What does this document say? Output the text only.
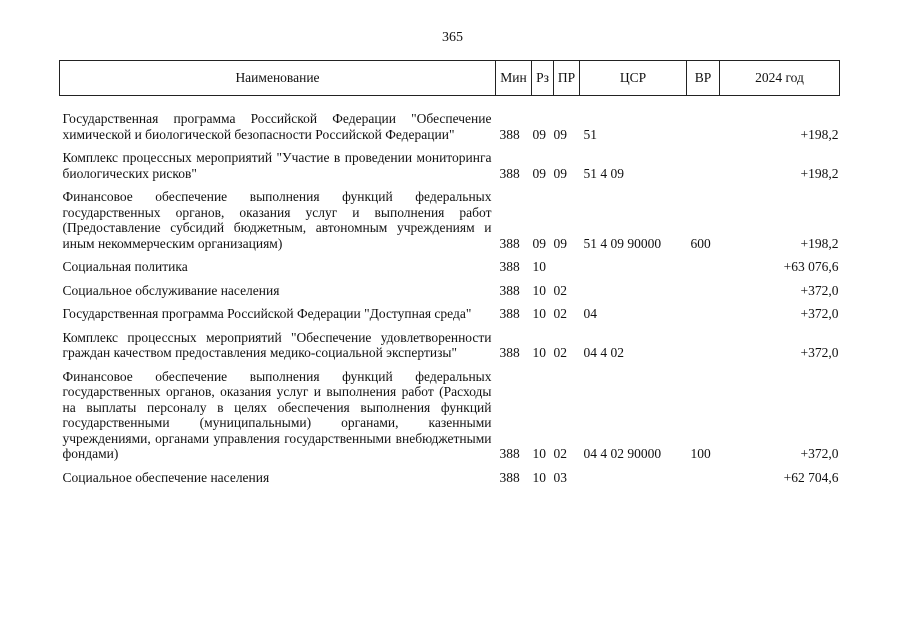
365
Наименование	Мин	Рз	ПР	ЦСР	ВР	2024 год

Государственная программа Российской Федерации "Обеспечение химической и биологической безопасности Российской Федерации"	388	09	09	51		+198,2
Комплекс процессных мероприятий "Участие в проведении мониторинга биологических рисков"	388	09	09	51 4 09		+198,2
Финансовое обеспечение выполнения функций федеральных государственных органов, оказания услуг и выполнения работ (Предоставление субсидий бюджетным, автономным учреждениям и иным некоммерческим организациям)	388	09	09	51 4 09 90000	600	+198,2
Социальная политика	388	10				+63 076,6
Социальное обслуживание населения	388	10	02			+372,0
Государственная программа Российской Федерации "Доступная среда"	388	10	02	04		+372,0
Комплекс процессных мероприятий "Обеспечение удовлетворенности граждан качеством предоставления медико-социальной экспертизы"	388	10	02	04 4 02		+372,0
Финансовое обеспечение выполнения функций федеральных государственных органов, оказания услуг и выполнения работ (Расходы на выплаты персоналу в целях обеспечения выполнения функций государственными (муниципальными) органами, казенными учреждениями, органами управления государственными внебюджетными фондами)	388	10	02	04 4 02 90000	100	+372,0
Социальное обеспечение населения	388	10	03			+62 704,6
